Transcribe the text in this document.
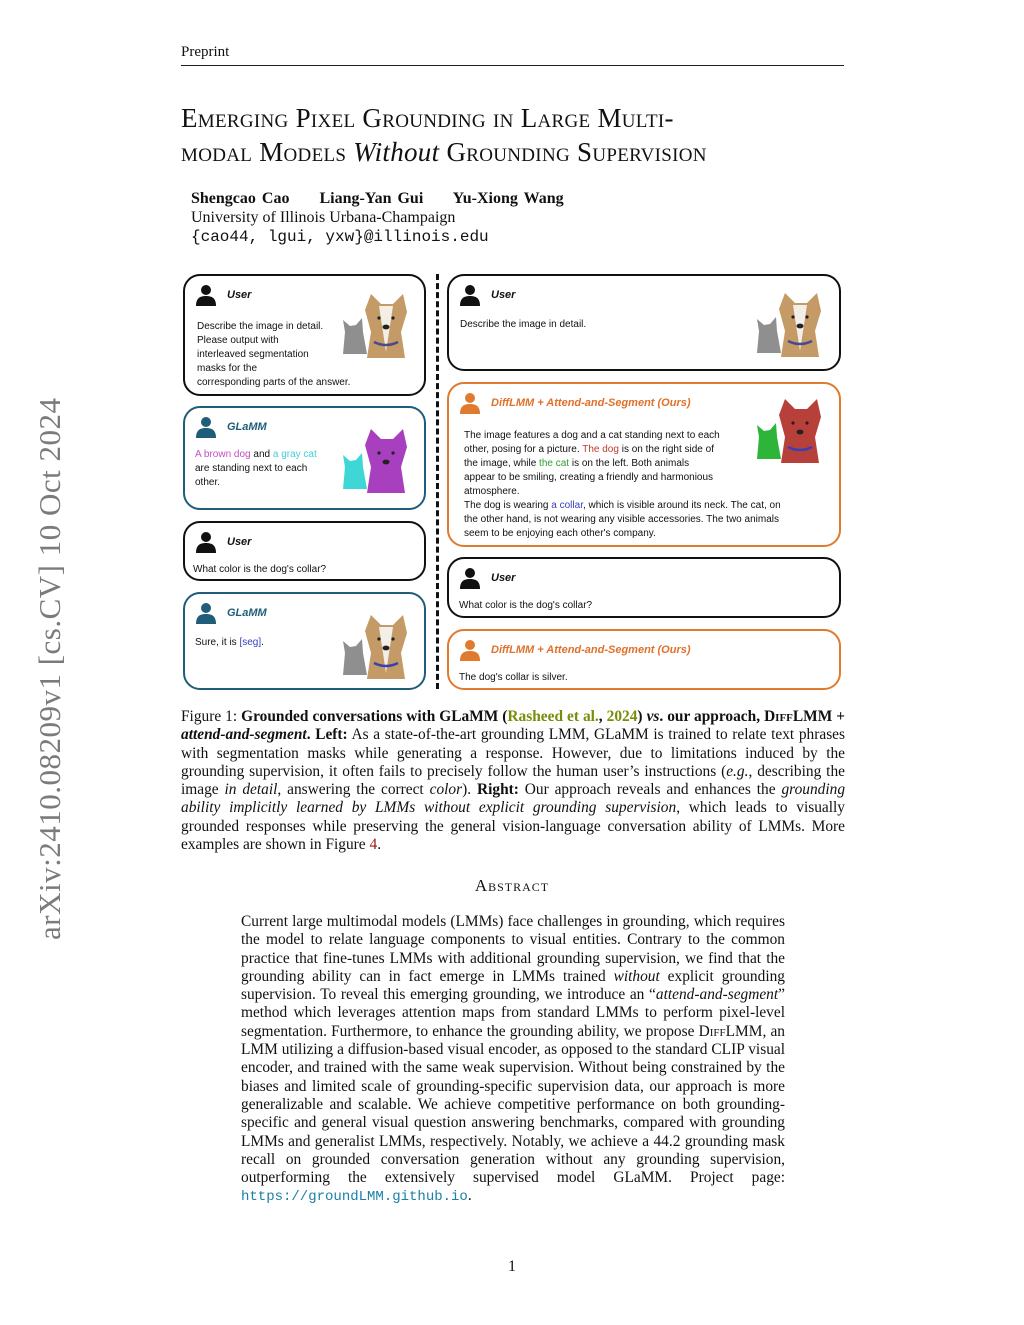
Preprint
arXiv:2410.08209v1 [cs.CV] 10 Oct 2024
Emerging Pixel Grounding in Large Multi-
modal Models Without Grounding Supervision
Shengcao Cao     Liang-Yan Gui     Yu-Xiong Wang
University of Illinois Urbana-Champaign
{cao44, lgui, yxw}@illinois.edu
User
Describe the image in detail.
Please output with
interleaved segmentation
masks for the
corresponding parts of the answer.
GLaMM
A brown dog and a gray cat
are standing next to each
other.
User
What color is the dog's collar?
GLaMM
Sure, it is [seg].
User
Describe the image in detail.
DiffLMM + Attend-and-Segment (Ours)
The image features a dog and a cat standing next to each
other, posing for a picture. The dog is on the right side of
the image, while the cat is on the left. Both animals
appear to be smiling, creating a friendly and harmonious
atmosphere.
The dog is wearing a collar, which is visible around its neck. The cat, on
the other hand, is not wearing any visible accessories. The two animals
seem to be enjoying each other's company.
User
What color is the dog's collar?
DiffLMM + Attend-and-Segment (Ours)
The dog's collar is silver.
Figure 1: Grounded conversations with GLaMM (Rasheed et al., 2024) vs. our approach, DiffLMM + attend-and-segment. Left: As a state-of-the-art grounding LMM, GLaMM is trained to relate text phrases with segmentation masks while generating a response. However, due to limitations induced by the grounding supervision, it often fails to precisely follow the human user’s instructions (e.g., describing the image in detail, answering the correct color). Right: Our approach reveals and enhances the grounding ability implicitly learned by LMMs without explicit grounding supervision, which leads to visually grounded responses while preserving the general vision-language conversation ability of LMMs. More examples are shown in Figure 4.
Abstract
Current large multimodal models (LMMs) face challenges in grounding, which requires the model to relate language components to visual entities. Contrary to the common practice that fine-tunes LMMs with additional grounding supervision, we find that the grounding ability can in fact emerge in LMMs trained without explicit grounding supervision. To reveal this emerging grounding, we introduce an “attend-and-segment” method which leverages attention maps from standard LMMs to perform pixel-level segmentation. Furthermore, to enhance the grounding ability, we propose DiffLMM, an LMM utilizing a diffusion-based visual encoder, as opposed to the standard CLIP visual encoder, and trained with the same weak supervision. Without being constrained by the biases and limited scale of grounding-specific supervision data, our approach is more generalizable and scalable. We achieve competitive performance on both grounding-specific and general visual question answering benchmarks, compared with grounding LMMs and generalist LMMs, respectively. Notably, we achieve a 44.2 grounding mask recall on grounded conversation generation without any grounding supervision, outperforming the extensively supervised model GLaMM. Project page: https://groundLMM.github.io.
1
